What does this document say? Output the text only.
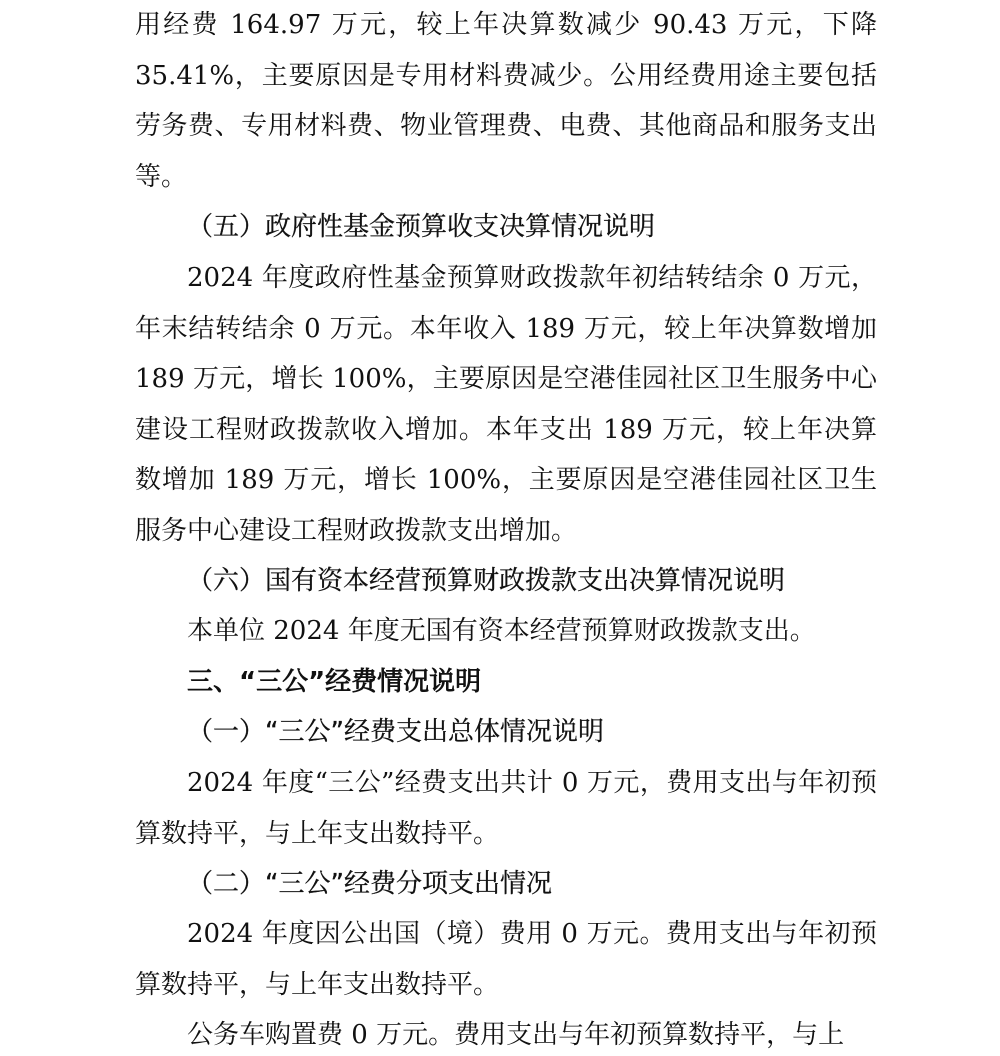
用经费 164.97 万元，较上年决算数减少 90.43 万元，下降 35.41%，主要原因是专用材料费减少。公用经费用途主要包括劳务费、专用材料费、物业管理费、电费、其他商品和服务支出等。

（五）政府性基金预算收支决算情况说明

2024 年度政府性基金预算财政拨款年初结转结余 0 万元，年末结转结余 0 万元。本年收入 189 万元，较上年决算数增加 189 万元，增长 100%，主要原因是空港佳园社区卫生服务中心建设工程财政拨款收入增加。本年支出 189 万元，较上年决算数增加 189 万元，增长 100%，主要原因是空港佳园社区卫生服务中心建设工程财政拨款支出增加。

（六）国有资本经营预算财政拨款支出决算情况说明

本单位 2024 年度无国有资本经营预算财政拨款支出。

三、“三公”经费情况说明
（一）“三公”经费支出总体情况说明

2024 年度“三公”经费支出共计 0 万元，费用支出与年初预算数持平，与上年支出数持平。

（二）“三公”经费分项支出情况

2024 年度因公出国（境）费用 0 万元。费用支出与年初预算数持平，与上年支出数持平。

公务车购置费 0 万元。费用支出与年初预算数持平，与上
